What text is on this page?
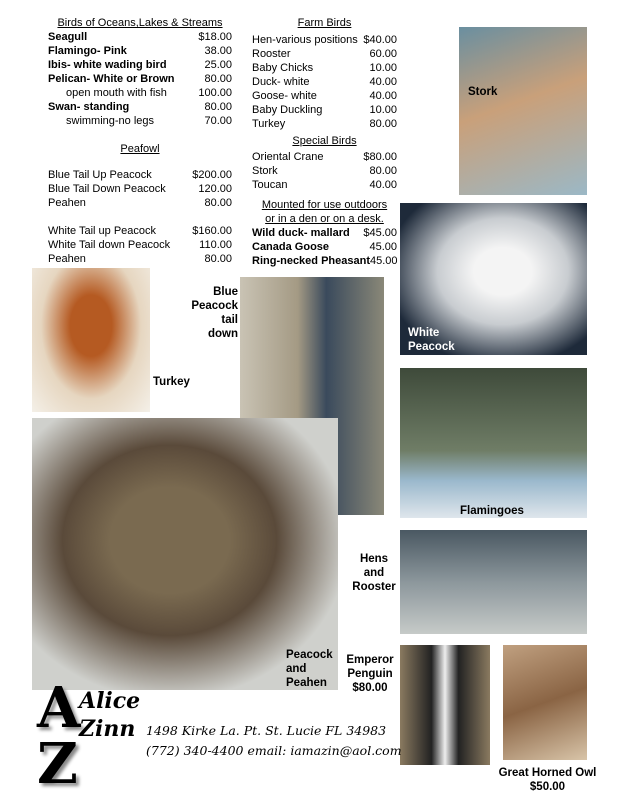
Birds of Oceans,Lakes & Streams
Seagull	$18.00
Flamingo- Pink	38.00
Ibis- white wading bird	25.00
Pelican- White or Brown	80.00
open mouth with fish	100.00
Swan- standing	80.00
swimming-no legs	70.00
Peafowl
Blue Tail Up Peacock	$200.00
Blue Tail Down Peacock	120.00
Peahen	80.00
White Tail up Peacock	$160.00
White Tail down Peacock	110.00
Peahen	80.00
Farm Birds
Hen-various positions $40.00
Rooster	60.00
Baby Chicks	10.00
Duck- white	40.00
Goose- white	40.00
Baby Duckling	10.00
Turkey	80.00
Special Birds
Oriental Crane	$80.00
Stork	80.00
Toucan	40.00
Mounted for use outdoors
or in a den or on a desk.
Wild duck- mallard $45.00
Canada Goose	45.00
Ring-necked Pheasant 45.00
Stork
White
Peacock
Turkey
Blue
Peacock
tail
down
Flamingoes
Peacock
and
Peahen
Hens
and
Rooster
Emperor
Penguin
$80.00
Great Horned Owl
$50.00
A
Z
Alice
Zinn 1498 Kirke La. Pt. St. Lucie FL 34983
(772) 340-4400 email: iamazin@aol.com
